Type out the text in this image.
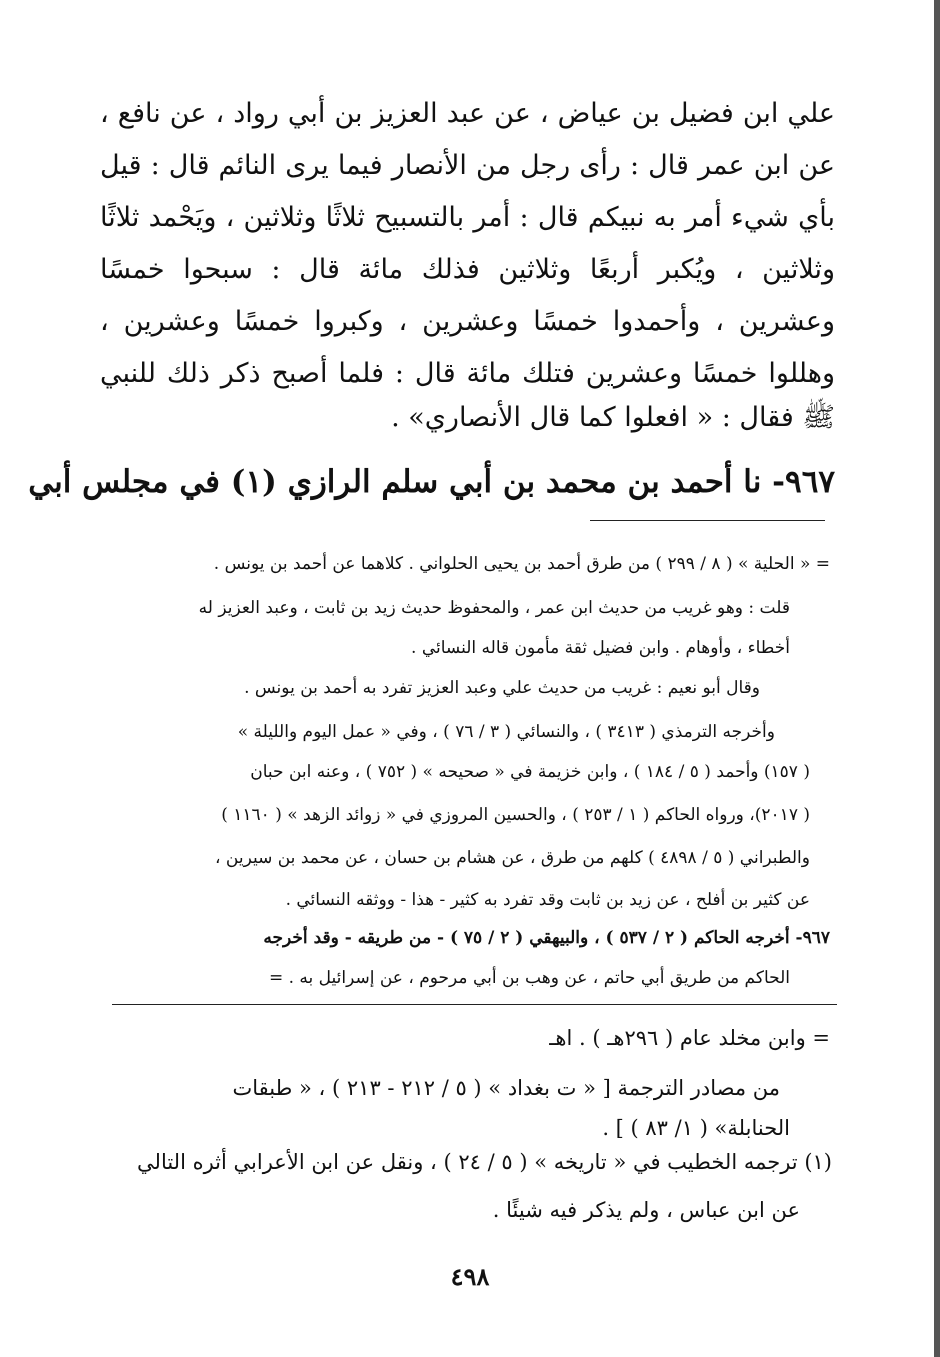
علي ابن فضيل بن عياض ، عن عبد العزيز بن أبي رواد ، عن نافع ،
عن ابن عمر قال : رأى رجل من الأنصار فيما يرى النائم قال : قيل
بأي شيء أمر به نبيكم قال : أمر بالتسبيح ثلاثًا وثلاثين ، ويَحْمد ثلاثًا
وثلاثين ، ويُكبر أربعًا وثلاثين فذلك مائة قال : سبحوا خمسًا
وعشرين ، وأحمدوا خمسًا وعشرين ، وكبروا خمسًا وعشرين ،
وهللوا خمسًا وعشرين فتلك مائة قال : فلما أصبح ذكر ذلك للنبي
ﷺ فقال : « افعلوا كما قال الأنصاري» .
٩٦٧- نا أحمد بن محمد بن أبي سلم الرازي (١) في مجلس أبي
= « الحلية » ( ٨ / ٢٩٩ ) من طرق أحمد بن يحيى الحلواني . كلاهما عن أحمد بن يونس .
قلت : وهو غريب من حديث ابن عمر ، والمحفوظ حديث زيد بن ثابت ، وعبد العزيز له
أخطاء ، وأوهام . وابن فضيل ثقة مأمون قاله النسائي .
وقال أبو نعيم : غريب من حديث علي وعبد العزيز تفرد به أحمد بن يونس .
وأخرجه الترمذي ( ٣٤١٣ ) ، والنسائي ( ٣ / ٧٦ ) ، وفي « عمل اليوم والليلة »
( ١٥٧) وأحمد ( ٥ / ١٨٤ ) ، وابن خزيمة في « صحيحه » ( ٧٥٢ ) ، وعنه ابن حبان
( ٢٠١٧)، ورواه الحاكم ( ١ / ٢٥٣ ) ، والحسين المروزي في « زوائد الزهد » ( ١١٦٠ )
والطبراني ( ٥ / ٤٨٩٨ ) كلهم من طرق ، عن هشام بن حسان ، عن محمد بن سيرين ،
عن كثير بن أفلح ، عن زيد بن ثابت وقد تفرد به كثير - هذا - ووثقه النسائي .
٩٦٧- أخرجه الحاكم ( ٢ / ٥٣٧ ) ، والبيهقي ( ٢ / ٧٥ ) - من طريقه - وقد أخرجه
الحاكم من طريق أبي حاتم ، عن وهب بن أبي مرحوم ، عن إسرائيل به . =
= وابن مخلد عام ( ٢٩٦هـ ) . اهـ
من مصادر الترجمة [ « ت بغداد » ( ٥ / ٢١٢ - ٢١٣ ) ، « طبقات
الحنابلة» ( ١/ ٨٣ ) ] .
(١) ترجمه الخطيب في « تاريخه » ( ٥ / ٢٤ ) ، ونقل عن ابن الأعرابي أثره التالي
عن ابن عباس ، ولم يذكر فيه شيئًا .
٤٩٨
